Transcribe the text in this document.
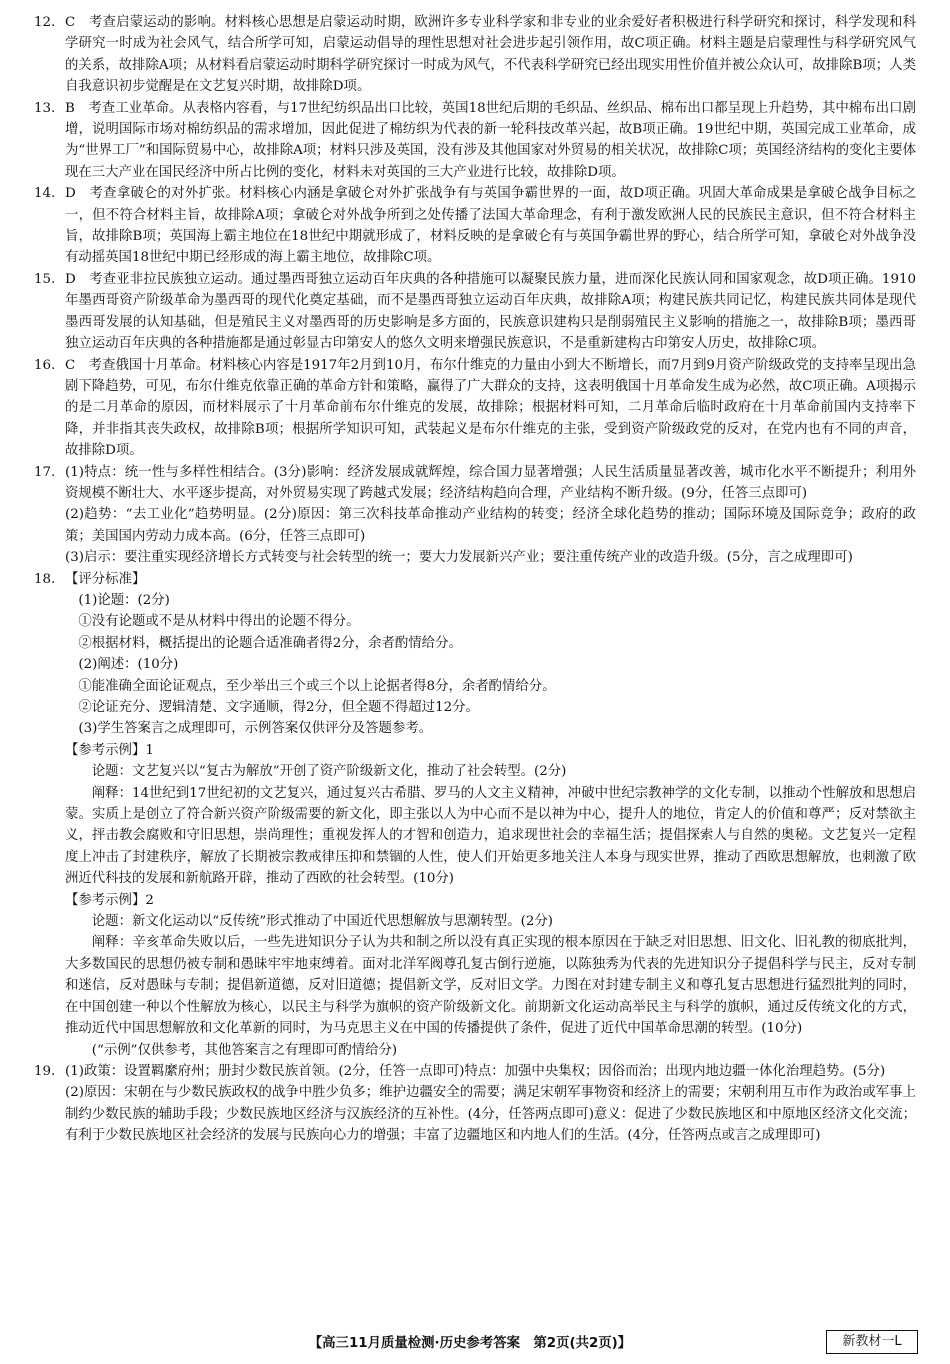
12. C　考查启蒙运动的影响。材料核心思想是启蒙运动时期，欧洲许多专业科学家和非专业的业余爱好者积极进行科学研究和探讨，科学发现和科学研究一时成为社会风气，结合所学可知，启蒙运动倡导的理性思想对社会进步起引领作用，故C项正确。材料主题是启蒙理性与科学研究风气的关系，故排除A项；从材料看启蒙运动时期科学研究探讨一时成为风气，不代表科学研究已经出现实用性价值并被公众认可，故排除B项；人类自我意识初步觉醒是在文艺复兴时期，故排除D项。
13. B　考查工业革命。从表格内容看，与17世纪纺织品出口比较，英国18世纪后期的毛织品、丝织品、棉布出口都呈现上升趋势，其中棉布出口剧增，说明国际市场对棉纺织品的需求增加，因此促进了棉纺织为代表的新一轮科技改革兴起，故B项正确。19世纪中期，英国完成工业革命，成为“世界工厂”和国际贸易中心，故排除A项；材料只涉及英国，没有涉及其他国家对外贸易的相关状况，故排除C项；英国经济结构的变化主要体现在三大产业在国民经济中所占比例的变化，材料未对英国的三大产业进行比较，故排除D项。
14. D　考查拿破仑的对外扩张。材料核心内涵是拿破仑对外扩张战争有与英国争霸世界的一面，故D项正确。巩固大革命成果是拿破仑战争目标之一，但不符合材料主旨，故排除A项；拿破仑对外战争所到之处传播了法国大革命理念，有利于激发欧洲人民的民族民主意识，但不符合材料主旨，故排除B项；英国海上霸主地位在18世纪中期就形成了，材料反映的是拿破仑有与英国争霸世界的野心，结合所学可知，拿破仑对外战争没有动摇英国18世纪中期已经形成的海上霸主地位，故排除C项。
15. D　考查亚非拉民族独立运动。通过墨西哥独立运动百年庆典的各种措施可以凝聚民族力量，进而深化民族认同和国家观念，故D项正确。1910年墨西哥资产阶级革命为墨西哥的现代化奠定基础，而不是墨西哥独立运动百年庆典，故排除A项；构建民族共同记忆，构建民族共同体是现代墨西哥发展的认知基础，但是殖民主义对墨西哥的历史影响是多方面的，民族意识建构只是削弱殖民主义影响的措施之一，故排除B项；墨西哥独立运动百年庆典的各种措施都是通过彰显古印第安人的悠久文明来增强民族意识，不是重新建构古印第安人历史，故排除C项。
16. C　考查俄国十月革命。材料核心内容是1917年2月到10月，布尔什维克的力量由小到大不断增长，而7月到9月资产阶级政党的支持率呈现出急剧下降趋势，可见，布尔什维克依靠正确的革命方针和策略，赢得了广大群众的支持，这表明俄国十月革命发生成为必然，故C项正确。A项揭示的是二月革命的原因，而材料展示了十月革命前布尔什维克的发展，故排除；根据材料可知，二月革命后临时政府在十月革命前国内支持率下降，并非指其丧失政权，故排除B项；根据所学知识可知，武装起义是布尔什维克的主张，受到资产阶级政党的反对，在党内也有不同的声音，故排除D项。
17. (1)特点：统一性与多样性相结合。(3分)影响：经济发展成就辉煌，综合国力显著增强；人民生活质量显著改善，城市化水平不断提升；利用外资规模不断壮大、水平逐步提高，对外贸易实现了跨越式发展；经济结构趋向合理，产业结构不断升级。(9分，任答三点即可)

(2)趋势：“去工业化”趋势明显。(2分)原因：第三次科技革命推动产业结构的转变；经济全球化趋势的推动；国际环境及国际竞争；政府的政策；美国国内劳动力成本高。(6分，任答三点即可)

(3)启示：要注重实现经济增长方式转变与社会转型的统一；要大力发展新兴产业；要注重传统产业的改造升级。(5分，言之成理即可)

18. 【评分标准】

(1)论题：(2分)

①没有论题或不是从材料中得出的论题不得分。

②根据材料，概括提出的论题合适准确者得2分，余者酌情给分。

(2)阐述：(10分)

①能准确全面论证观点，至少举出三个或三个以上论据者得8分，余者酌情给分。

②论证充分、逻辑清楚、文字通顺，得2分，但全题不得超过12分。

(3)学生答案言之成理即可，示例答案仅供评分及答题参考。

【参考示例】1

论题：文艺复兴以“复古为解放”开创了资产阶级新文化，推动了社会转型。(2分)

阐释：14世纪到17世纪初的文艺复兴，通过复兴古希腊、罗马的人文主义精神，冲破中世纪宗教神学的文化专制，以推动个性解放和思想启蒙。实质上是创立了符合新兴资产阶级需要的新文化，即主张以人为中心而不是以神为中心，提升人的地位，肯定人的价值和尊严；反对禁欲主义，抨击教会腐败和守旧思想，崇尚理性；重视发挥人的才智和创造力，追求现世社会的幸福生活；提倡探索人与自然的奥秘。文艺复兴一定程度上冲击了封建秩序，解放了长期被宗教戒律压抑和禁锢的人性，使人们开始更多地关注人本身与现实世界，推动了西欧思想解放，也刺激了欧洲近代科技的发展和新航路开辟，推动了西欧的社会转型。(10分)

【参考示例】2

论题：新文化运动以“反传统”形式推动了中国近代思想解放与思潮转型。(2分)

阐释：辛亥革命失败以后，一些先进知识分子认为共和制之所以没有真正实现的根本原因在于缺乏对旧思想、旧文化、旧礼教的彻底批判，大多数国民的思想仍被专制和愚昧牢牢地束缚着。面对北洋军阀尊孔复古倒行逆施，以陈独秀为代表的先进知识分子提倡科学与民主，反对专制和迷信，反对愚昧与专制；提倡新道德，反对旧道德；提倡新文学，反对旧文学。力图在对封建专制主义和尊孔复古思想进行猛烈批判的同时，在中国创建一种以个性解放为核心，以民主与科学为旗帜的资产阶级新文化。前期新文化运动高举民主与科学的旗帜，通过反传统文化的方式，推动近代中国思想解放和文化革新的同时，为马克思主义在中国的传播提供了条件，促进了近代中国革命思潮的转型。(10分)

(“示例”仅供参考，其他答案言之有理即可酌情给分)

19. (1)政策：设置羁縻府州；册封少数民族首领。(2分，任答一点即可)特点：加强中央集权；因俗而治；出现内地边疆一体化治理趋势。(5分)

(2)原因：宋朝在与少数民族政权的战争中胜少负多；维护边疆安全的需要；满足宋朝军事物资和经济上的需要；宋朝利用互市作为政治或军事上制约少数民族的辅助手段；少数民族地区经济与汉族经济的互补性。(4分，任答两点即可)意义：促进了少数民族地区和中原地区经济文化交流；有利于少数民族地区社会经济的发展与民族向心力的增强；丰富了边疆地区和内地人们的生活。(4分，任答两点或言之成理即可)

【高三11月质量检测·历史参考答案　第2页(共2页)】	新教材一L
